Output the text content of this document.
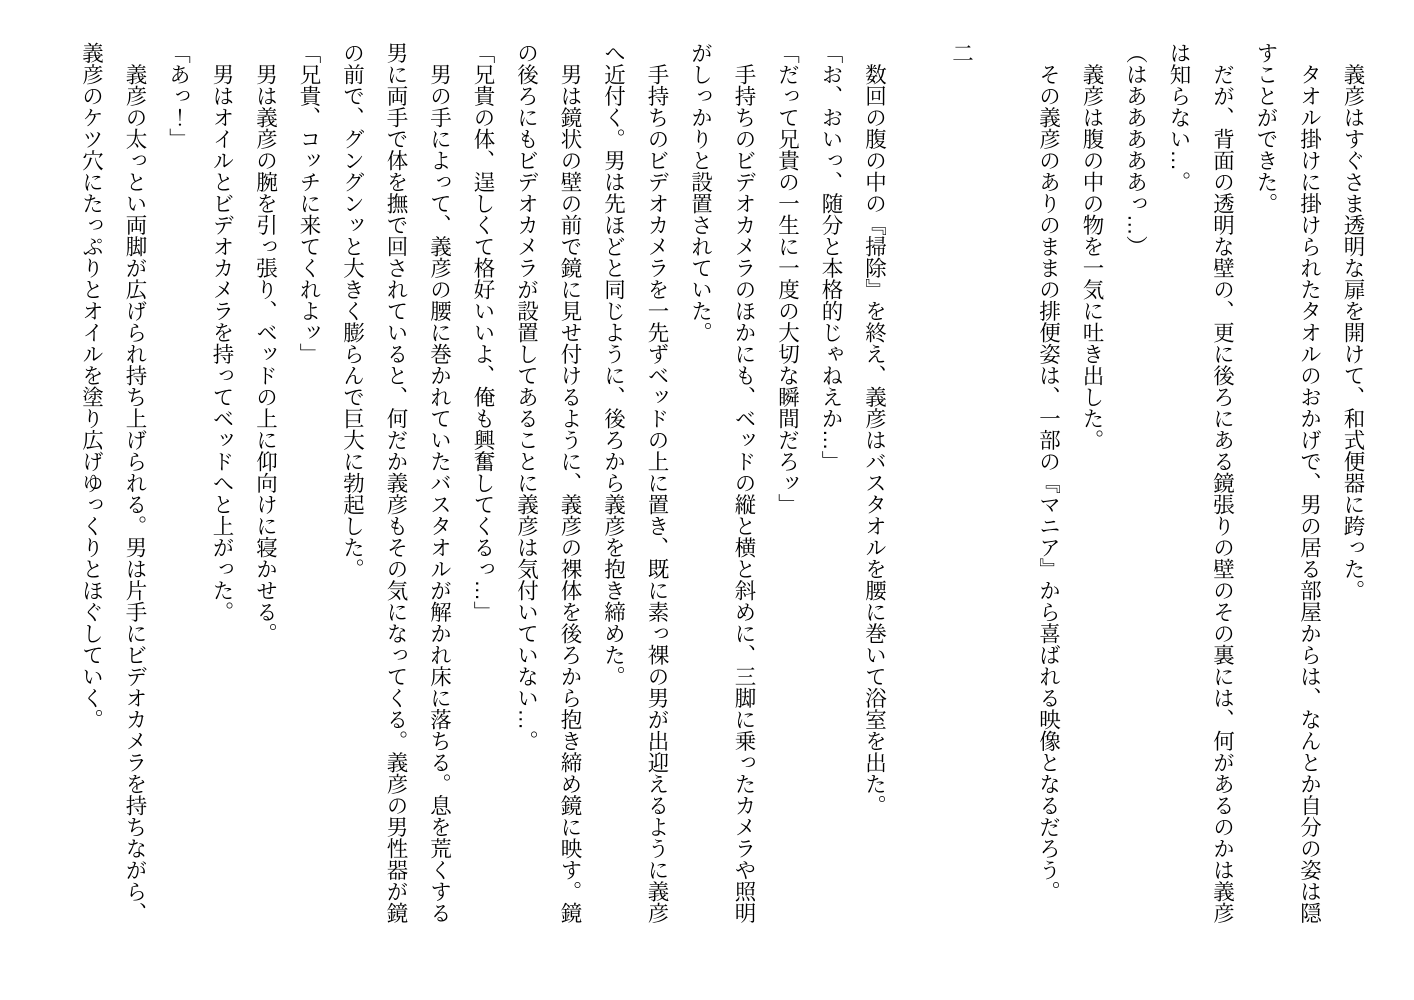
　義彦はすぐさま透明な扉を開けて、和式便器に跨った。
　タオル掛けに掛けられたタオルのおかげで、男の居る部屋からは、なんとか自分の姿は隠
すことができた。
　だが、背面の透明な壁の、更に後ろにある鏡張りの壁のその裏には、何があるのかは義彦
は知らない…。
（はあああああっ…）
　義彦は腹の中の物を一気に吐き出した。
　その義彦のありのままの排便姿は、一部の『マニア』から喜ばれる映像となるだろう。
二
　数回の腹の中の『掃除』を終え、義彦はバスタオルを腰に巻いて浴室を出た。
「お、おいっ、随分と本格的じゃねえか…」
「だって兄貴の一生に一度の大切な瞬間だろッ」
　手持ちのビデオカメラのほかにも、ベッドの縦と横と斜めに、三脚に乗ったカメラや照明
がしっかりと設置されていた。
　手持ちのビデオカメラを一先ずベッドの上に置き、既に素っ裸の男が出迎えるように義彦
へ近付く。男は先ほどと同じように、後ろから義彦を抱き締めた。
　男は鏡状の壁の前で鏡に見せ付けるように、義彦の裸体を後ろから抱き締め鏡に映す。鏡
の後ろにもビデオカメラが設置してあることに義彦は気付いていない…。
「兄貴の体、逞しくて格好いいよ、俺も興奮してくるっ…」
　男の手によって、義彦の腰に巻かれていたバスタオルが解かれ床に落ちる。息を荒くする
男に両手で体を撫で回されていると、何だか義彦もその気になってくる。義彦の男性器が鏡
の前で、グングンッと大きく膨らんで巨大に勃起した。
「兄貴、コッチに来てくれよッ」
　男は義彦の腕を引っ張り、ベッドの上に仰向けに寝かせる。
　男はオイルとビデオカメラを持ってベッドへと上がった。
「あっ！」
　義彦の太っとい両脚が広げられ持ち上げられる。男は片手にビデオカメラを持ちながら、
義彦のケツ穴にたっぷりとオイルを塗り広げゆっくりとほぐしていく。
